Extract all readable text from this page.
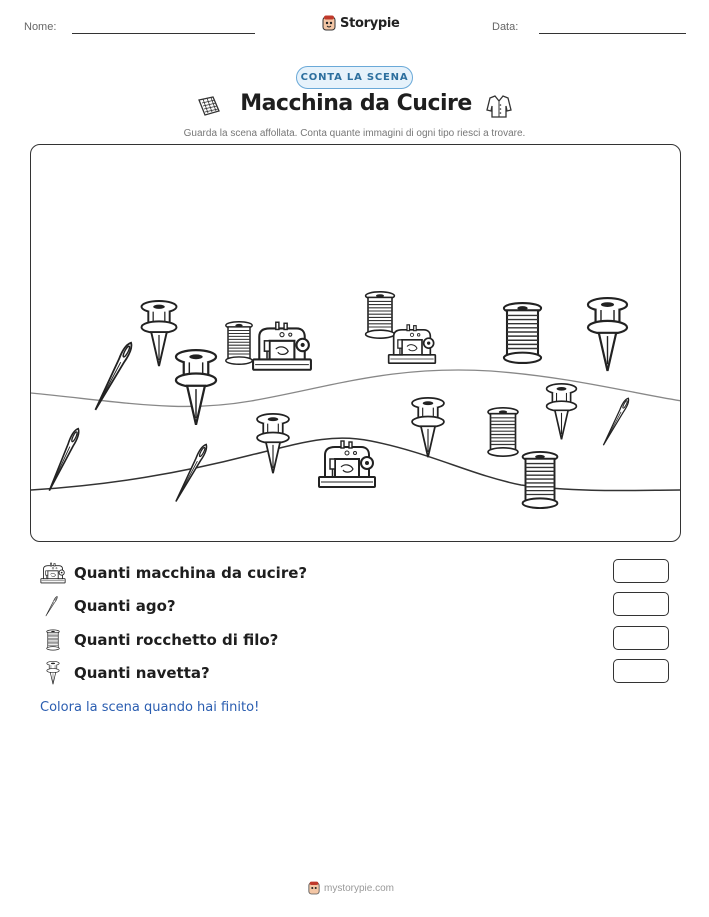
Nome:	Storypie	Data:
CONTA LA SCENA
Macchina da Cucire
Guarda la scena affollata. Conta quante immagini di ogni tipo riesci a trovare.
Quanti macchina da cucire?
Quanti ago?
Quanti rocchetto di filo?
Quanti navetta?
Colora la scena quando hai finito!
mystorypie.com
